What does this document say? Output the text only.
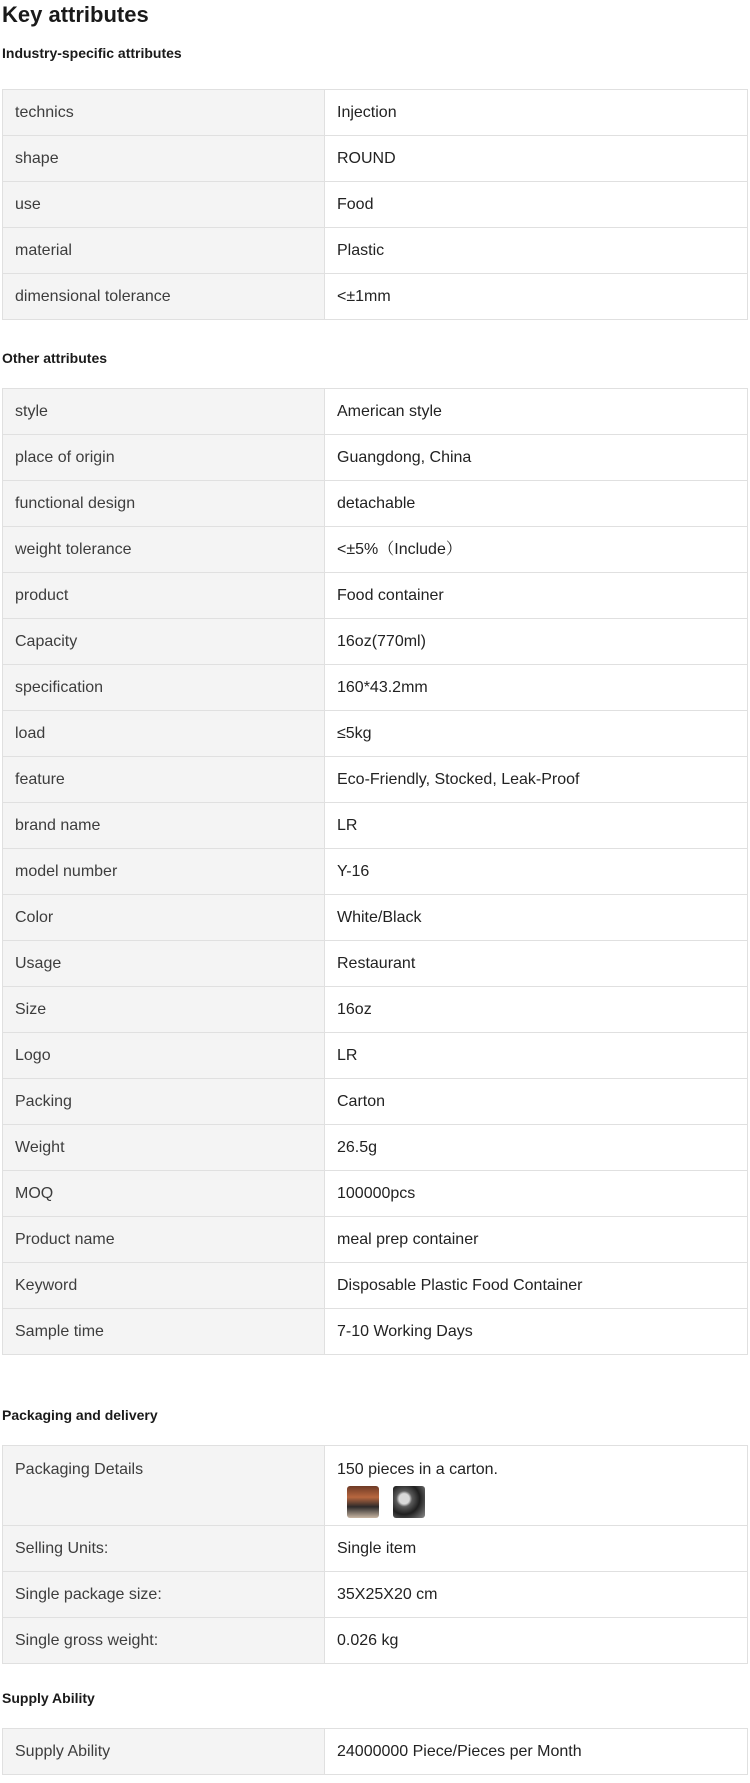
Key attributes
Industry-specific attributes
technics	Injection
shape	ROUND
use	Food
material	Plastic
dimensional tolerance	<±1mm
Other attributes
style	American style
place of origin	Guangdong, China
functional design	detachable
weight tolerance	<±5%（Include）
product	Food container
Capacity	16oz(770ml)
specification	160*43.2mm
load	≤5kg
feature	Eco-Friendly, Stocked, Leak-Proof
brand name	LR
model number	Y-16
Color	White/Black
Usage	Restaurant
Size	16oz
Logo	LR
Packing	Carton
Weight	26.5g
MOQ	100000pcs
Product name	meal prep container
Keyword	Disposable Plastic Food Container
Sample time	7-10 Working Days
Packaging and delivery
Packaging Details	150 pieces in a carton.

Selling Units:	Single item
Single package size:	35X25X20 cm
Single gross weight:	0.026 kg
Supply Ability
Supply Ability	24000000 Piece/Pieces per Month
